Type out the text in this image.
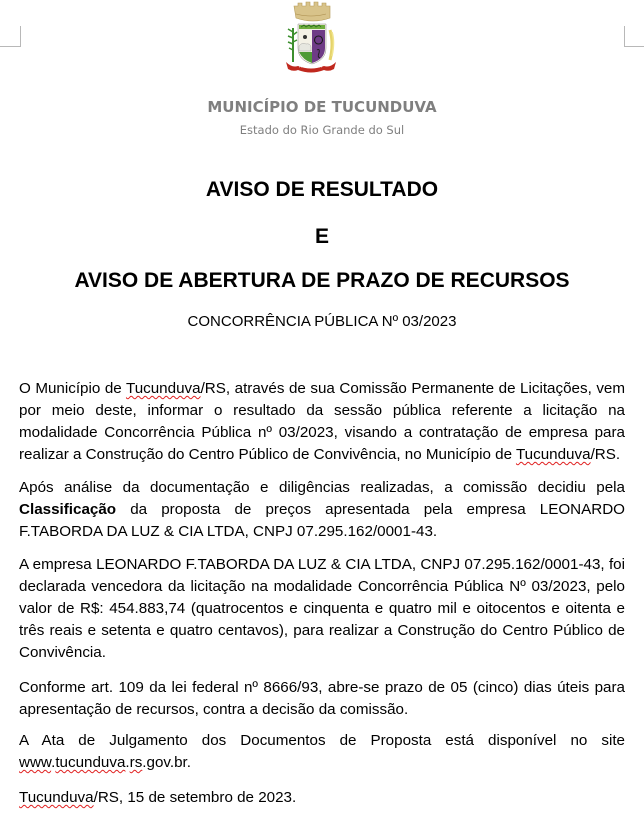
MUNICÍPIO DE TUCUNDUVA
Estado do Rio Grande do Sul
AVISO DE RESULTADO
E
AVISO DE ABERTURA DE PRAZO DE RECURSOS
CONCORRÊNCIA PÚBLICA Nº 03/2023

O Município de Tucunduva/RS, através de sua Comissão Permanente de Licitações, vem por meio deste, informar o resultado da sessão pública referente a licitação na modalidade Concorrência Pública nº 03/2023, visando a contratação de empresa para realizar a Construção do Centro Público de Convivência, no Município de Tucunduva/RS.

Após análise da documentação e diligências realizadas, a comissão decidiu pela Classificação da proposta de preços apresentada pela empresa LEONARDO F.TABORDA DA LUZ & CIA LTDA, CNPJ 07.295.162/0001-43.

A empresa LEONARDO F.TABORDA DA LUZ & CIA LTDA, CNPJ 07.295.162/0001-43, foi declarada vencedora da licitação na modalidade Concorrência Pública Nº 03/2023, pelo valor de R$: 454.883,74 (quatrocentos e cinquenta e quatro mil e oitocentos e oitenta e três reais e setenta e quatro centavos), para realizar a Construção do Centro Público de Convivência.

Conforme art. 109 da lei federal nº 8666/93, abre-se prazo de 05 (cinco) dias úteis para apresentação de recursos, contra a decisão da comissão.

A Ata de Julgamento dos Documentos de Proposta está disponível no site www.tucunduva.rs.gov.br.

Tucunduva/RS, 15 de setembro de 2023.
